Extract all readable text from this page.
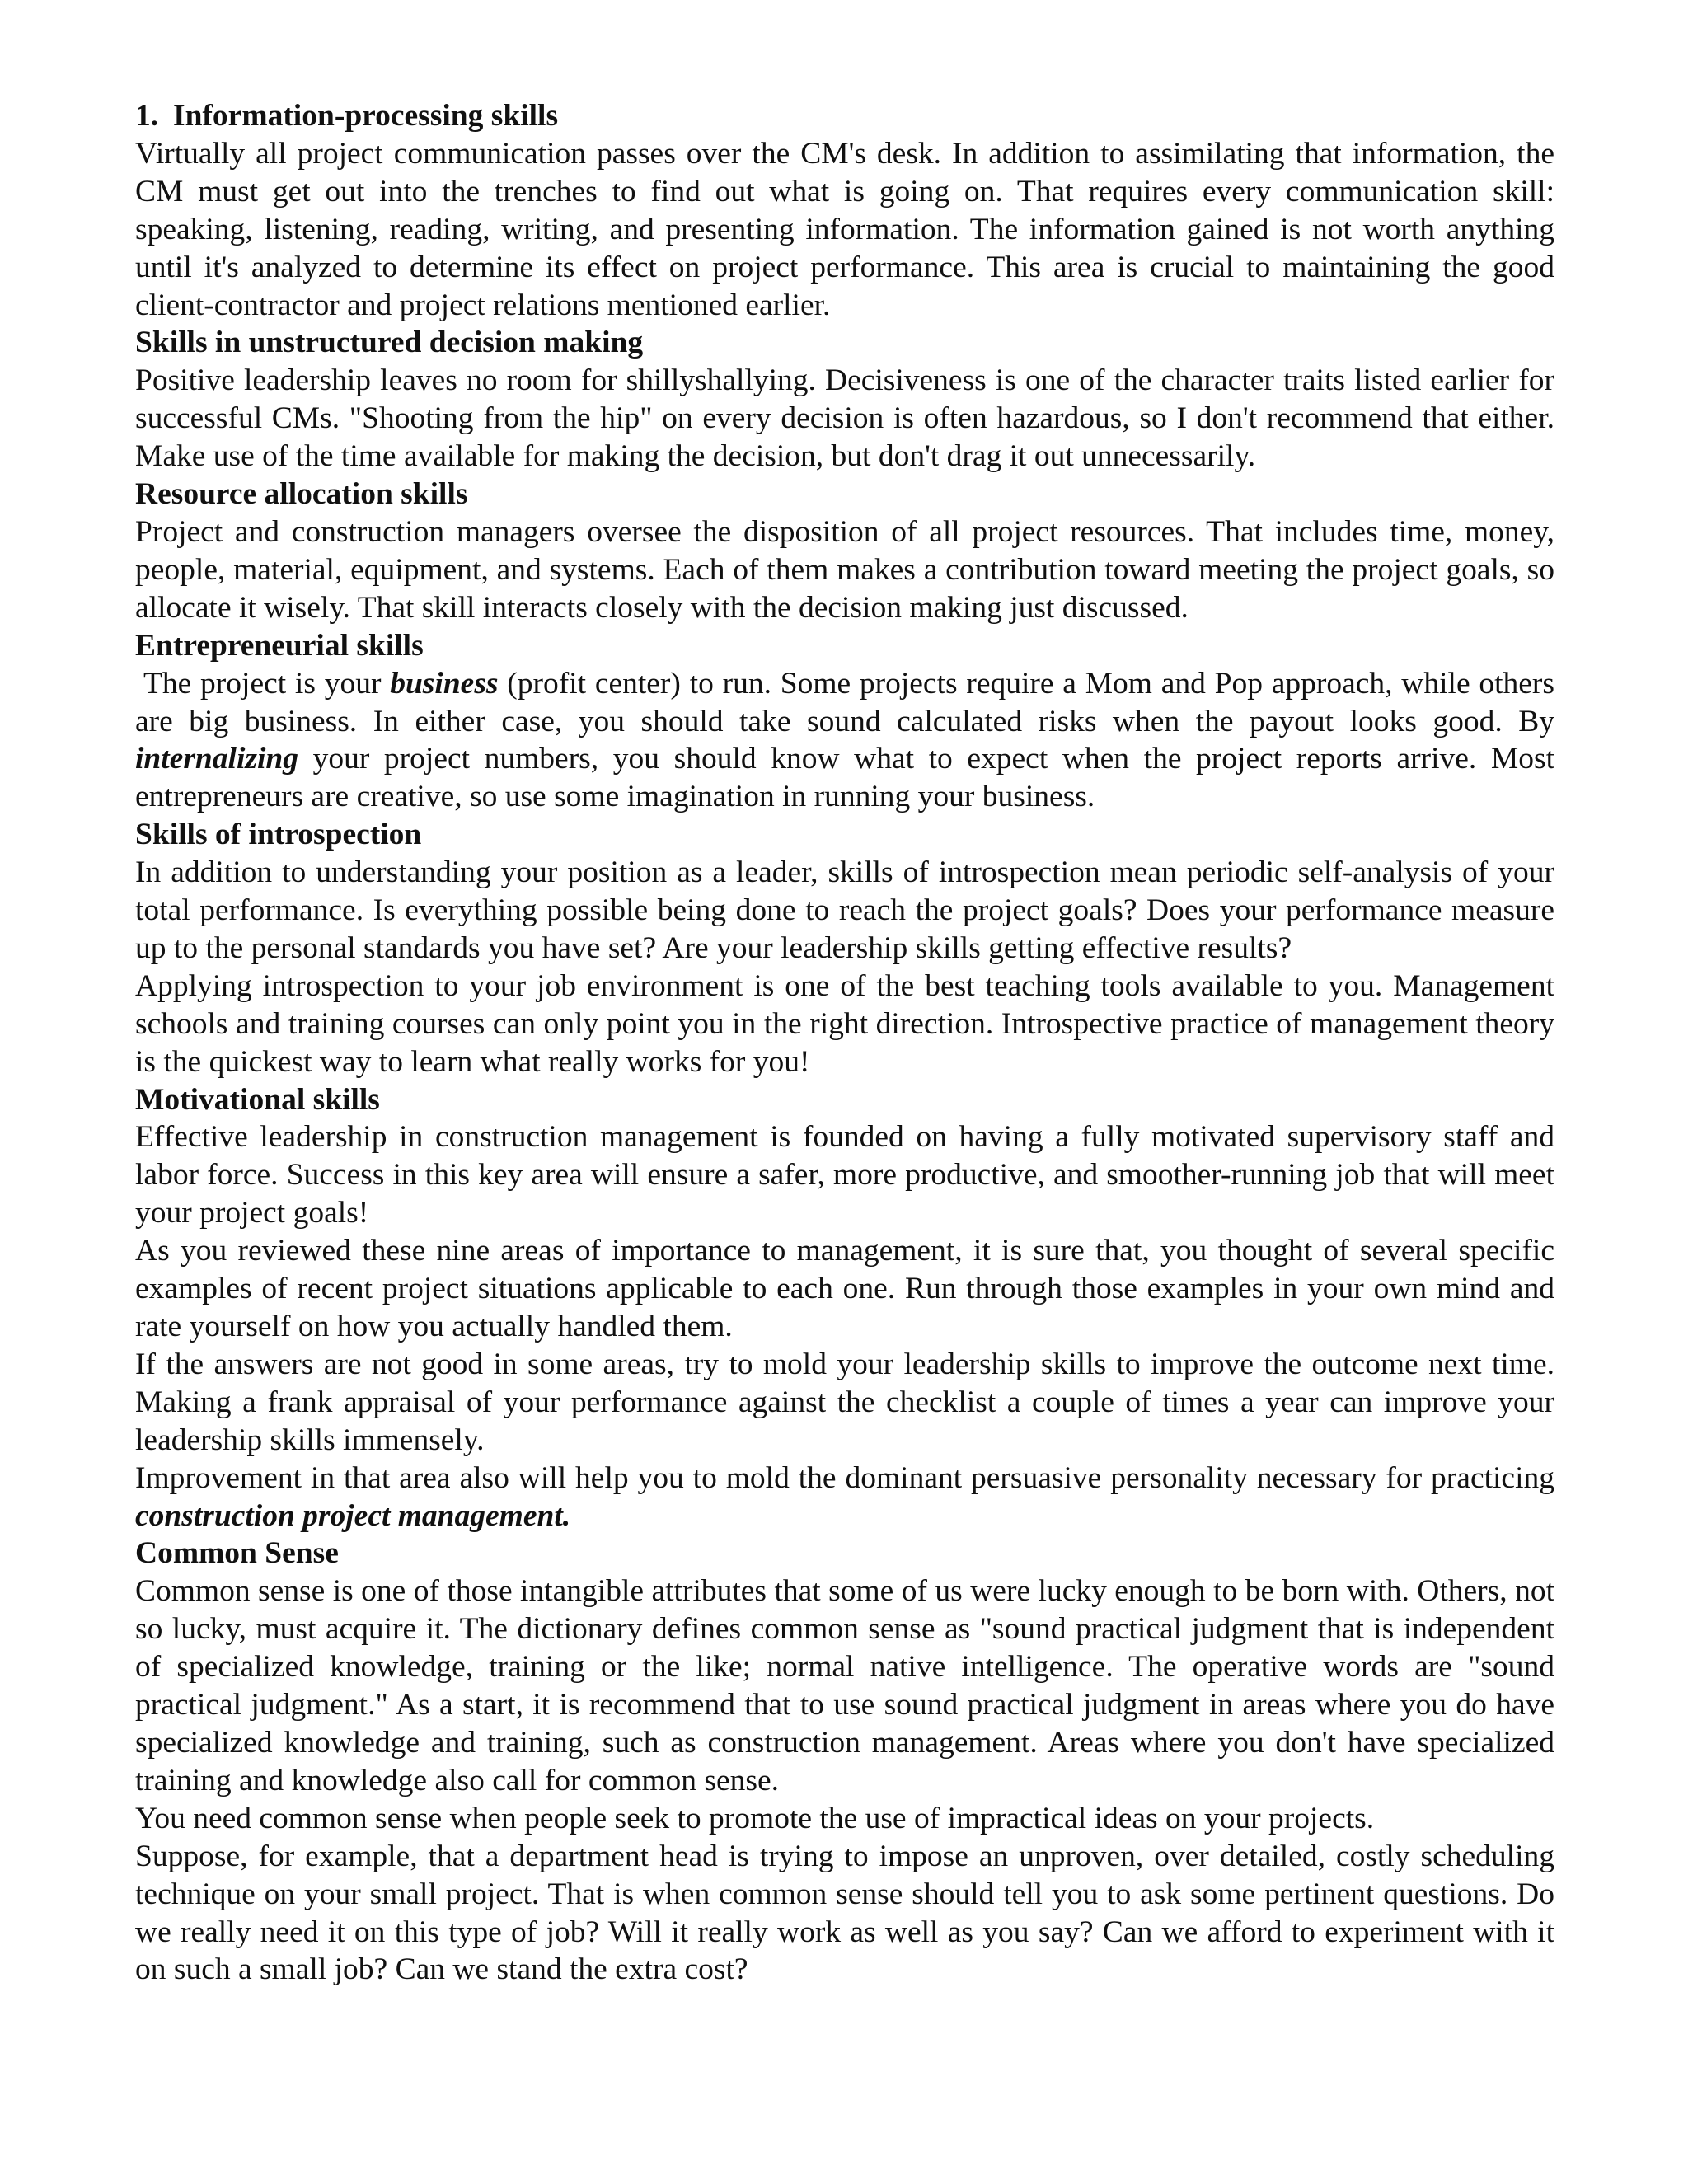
1. Information-processing skills

Virtually all project communication passes over the CM's desk. In addition to assimilating that information, the CM must get out into the trenches to find out what is going on. That requires every communication skill: speaking, listening, reading, writing, and presenting information. The information gained is not worth anything until it's analyzed to determine its effect on project performance. This area is crucial to maintaining the good client-contractor and project relations mentioned earlier.

Skills in unstructured decision making

Positive leadership leaves no room for shillyshallying. Decisiveness is one of the character traits listed earlier for successful CMs. "Shooting from the hip" on every decision is often hazardous, so I don't recommend that either. Make use of the time available for making the decision, but don't drag it out unnecessarily.

Resource allocation skills

Project and construction managers oversee the disposition of all project resources. That includes time, money, people, material, equipment, and systems. Each of them makes a contribution toward meeting the project goals, so allocate it wisely. That skill interacts closely with the decision making just discussed.

Entrepreneurial skills

The project is your business (profit center) to run. Some projects require a Mom and Pop approach, while others are big business. In either case, you should take sound calculated risks when the payout looks good. By internalizing your project numbers, you should know what to expect when the project reports arrive. Most entrepreneurs are creative, so use some imagination in running your business.

Skills of introspection

In addition to understanding your position as a leader, skills of introspection mean periodic self-analysis of your total performance. Is everything possible being done to reach the project goals? Does your performance measure up to the personal standards you have set? Are your leadership skills getting effective results?

Applying introspection to your job environment is one of the best teaching tools available to you. Management schools and training courses can only point you in the right direction. Introspective practice of management theory is the quickest way to learn what really works for you!

Motivational skills

Effective leadership in construction management is founded on having a fully motivated supervisory staff and labor force. Success in this key area will ensure a safer, more productive, and smoother-running job that will meet your project goals!

As you reviewed these nine areas of importance to management, it is sure that, you thought of several specific examples of recent project situations applicable to each one. Run through those examples in your own mind and rate yourself on how you actually handled them.

If the answers are not good in some areas, try to mold your leadership skills to improve the outcome next time. Making a frank appraisal of your performance against the checklist a couple of times a year can improve your leadership skills immensely.

Improvement in that area also will help you to mold the dominant persuasive personality necessary for practicing construction project management.

Common Sense

Common sense is one of those intangible attributes that some of us were lucky enough to be born with. Others, not so lucky, must acquire it. The dictionary defines common sense as "sound practical judgment that is independent of specialized knowledge, training or the like; normal native intelligence. The operative words are "sound practical judgment." As a start, it is recommend that to use sound practical judgment in areas where you do have specialized knowledge and training, such as construction management. Areas where you don't have specialized training and knowledge also call for common sense.

You need common sense when people seek to promote the use of impractical ideas on your projects.

Suppose, for example, that a department head is trying to impose an unproven, over detailed, costly scheduling technique on your small project. That is when common sense should tell you to ask some pertinent questions. Do we really need it on this type of job? Will it really work as well as you say? Can we afford to experiment with it on such a small job? Can we stand the extra cost?
